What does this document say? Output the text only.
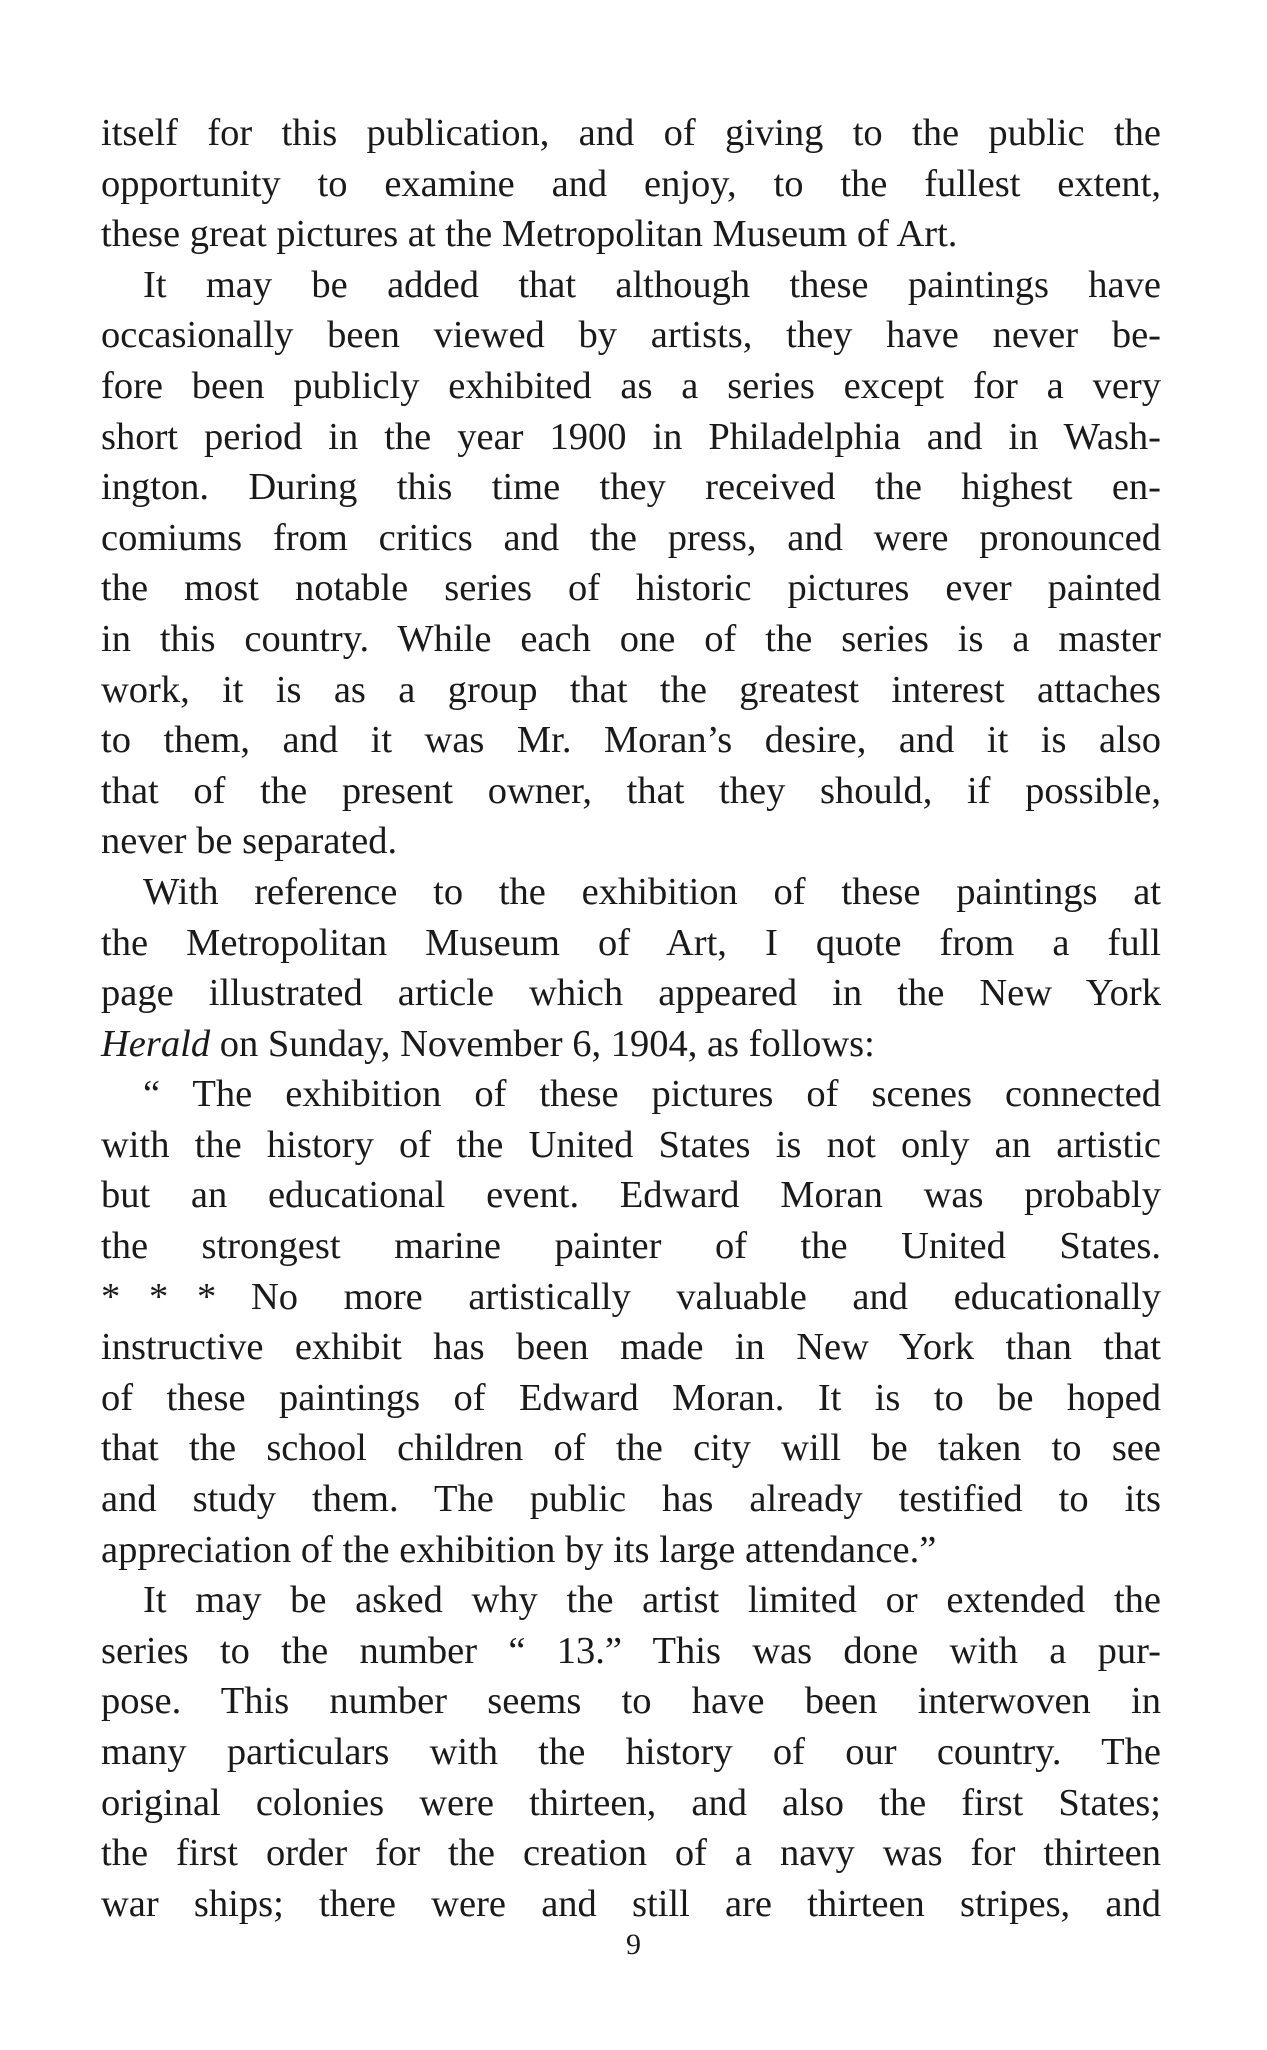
itself for this publication, and of giving to the public the
opportunity to examine and enjoy, to the fullest extent,
these great pictures at the Metropolitan Museum of Art.
It may be added that although these paintings have
occasionally been viewed by artists, they have never be-
fore been publicly exhibited as a series except for a very
short period in the year 1900 in Philadelphia and in Wash-
ington. During this time they received the highest en-
comiums from critics and the press, and were pronounced
the most notable series of historic pictures ever painted
in this country. While each one of the series is a master
work, it is as a group that the greatest interest attaches
to them, and it was Mr. Moran’s desire, and it is also
that of the present owner, that they should, if possible,
never be separated.
With reference to the exhibition of these paintings at
the Metropolitan Museum of Art, I quote from a full
page illustrated article which appeared in the New York
Herald on Sunday, November 6, 1904, as follows:
“ The exhibition of these pictures of scenes connected
with the history of the United States is not only an artistic
but an educational event. Edward Moran was probably
the strongest marine painter of the United States.
* * * No more artistically valuable and educationally
instructive exhibit has been made in New York than that
of these paintings of Edward Moran. It is to be hoped
that the school children of the city will be taken to see
and study them. The public has already testified to its
appreciation of the exhibition by its large attendance.”
It may be asked why the artist limited or extended the
series to the number “ 13.” This was done with a pur-
pose. This number seems to have been interwoven in
many particulars with the history of our country. The
original colonies were thirteen, and also the first States;
the first order for the creation of a navy was for thirteen
war ships; there were and still are thirteen stripes, and
9
